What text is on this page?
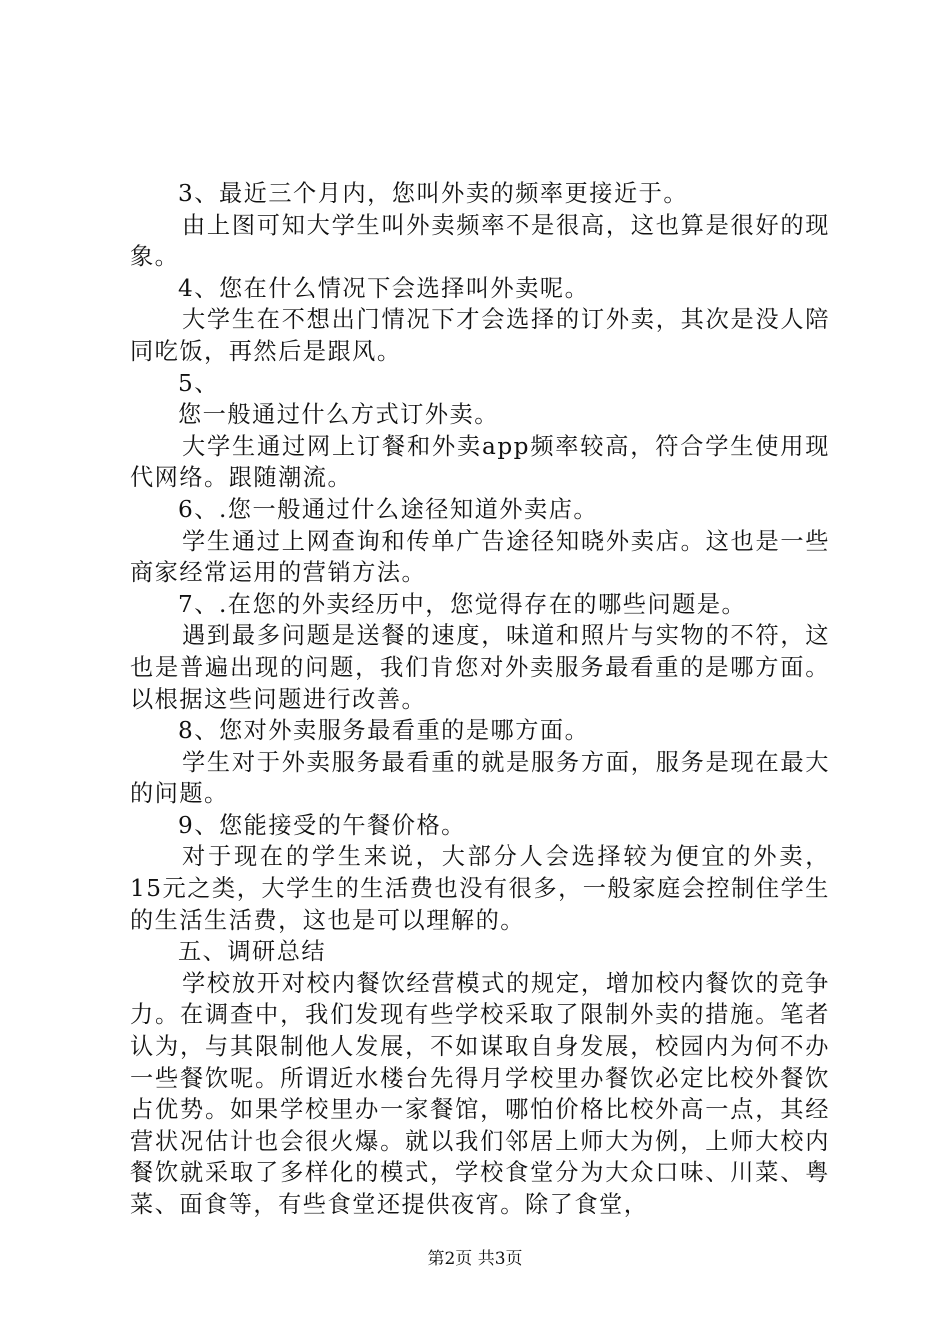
3、最近三个月内，您叫外卖的频率更接近于。

由上图可知大学生叫外卖频率不是很高，这也算是很好的现象。

4、您在什么情况下会选择叫外卖呢。

大学生在不想出门情况下才会选择的订外卖，其次是没人陪同吃饭，再然后是跟风。

5、

您一般通过什么方式订外卖。

大学生通过网上订餐和外卖app频率较高，符合学生使用现代网络。跟随潮流。

6、.您一般通过什么途径知道外卖店。

学生通过上网查询和传单广告途径知晓外卖店。这也是一些商家经常运用的营销方法。

7、.在您的外卖经历中，您觉得存在的哪些问题是。

遇到最多问题是送餐的速度，味道和照片与实物的不符，这也是普遍出现的问题，我们肯您对外卖服务最看重的是哪方面。以根据这些问题进行改善。

8、您对外卖服务最看重的是哪方面。

学生对于外卖服务最看重的就是服务方面，服务是现在最大的问题。

9、您能接受的午餐价格。

对于现在的学生来说，大部分人会选择较为便宜的外卖，15元之类，大学生的生活费也没有很多，一般家庭会控制住学生的生活生活费，这也是可以理解的。

五、调研总结

学校放开对校内餐饮经营模式的规定，增加校内餐饮的竞争力。在调查中，我们发现有些学校采取了限制外卖的措施。笔者认为，与其限制他人发展，不如谋取自身发展，校园内为何不办一些餐饮呢。所谓近水楼台先得月学校里办餐饮必定比校外餐饮占优势。如果学校里办一家餐馆，哪怕价格比校外高一点，其经营状况估计也会很火爆。就以我们邻居上师大为例，上师大校内餐饮就采取了多样化的模式，学校食堂分为大众口味、川菜、粤菜、面食等，有些食堂还提供夜宵。除了食堂，

第2页 共3页
